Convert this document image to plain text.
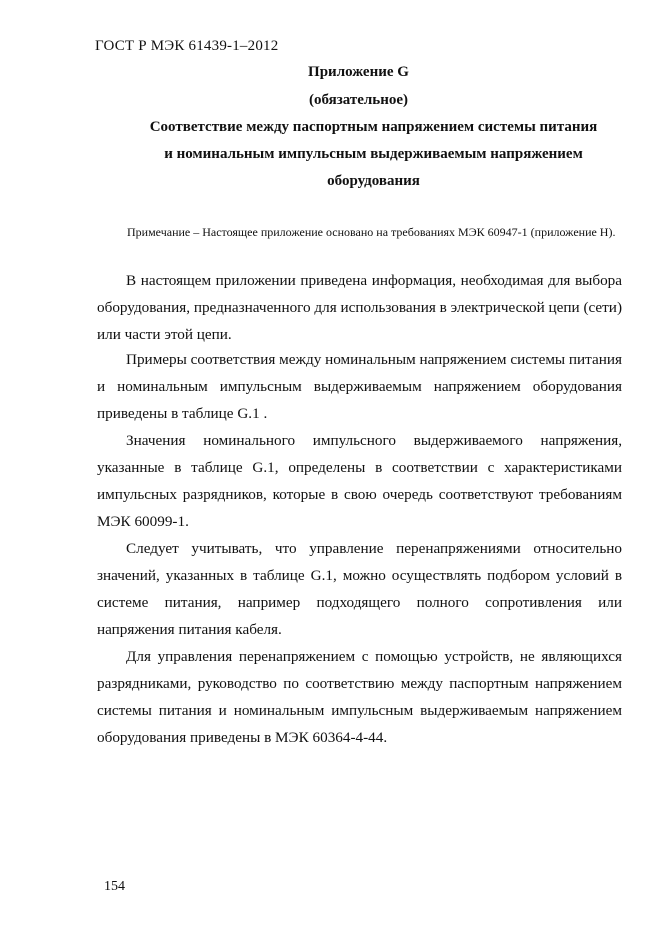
ГОСТ Р МЭК 61439-1–2012
Приложение G
(обязательное)
Соответствие между паспортным напряжением системы питания
и номинальным импульсным выдерживаемым напряжением
оборудования
Примечание – Настоящее приложение основано на требованиях МЭК 60947-1 (приложение Н).

В настоящем приложении приведена информация, необходимая для выбора оборудования, предназначенного для использования в электрической цепи (сети) или части этой цепи.

Примеры соответствия между номинальным напряжением системы питания и номинальным импульсным выдерживаемым напряжением оборудования приведены в таблице G.1 .

Значения номинального импульсного выдерживаемого напряжения, указанные в таблице G.1, определены в соответствии с характеристиками импульсных разрядников, которые в свою очередь соответствуют требованиям МЭК 60099-1.

Следует учитывать, что управление перенапряжениями относительно значений, указанных в таблице G.1, можно осуществлять подбором условий в системе питания, например подходящего полного сопротивления или напряжения питания кабеля.

Для управления перенапряжением с помощью устройств, не являющихся разрядниками, руководство по соответствию между паспортным напряжением системы питания и номинальным импульсным выдерживаемым напряжением оборудования приведены в МЭК 60364-4-44.

154
